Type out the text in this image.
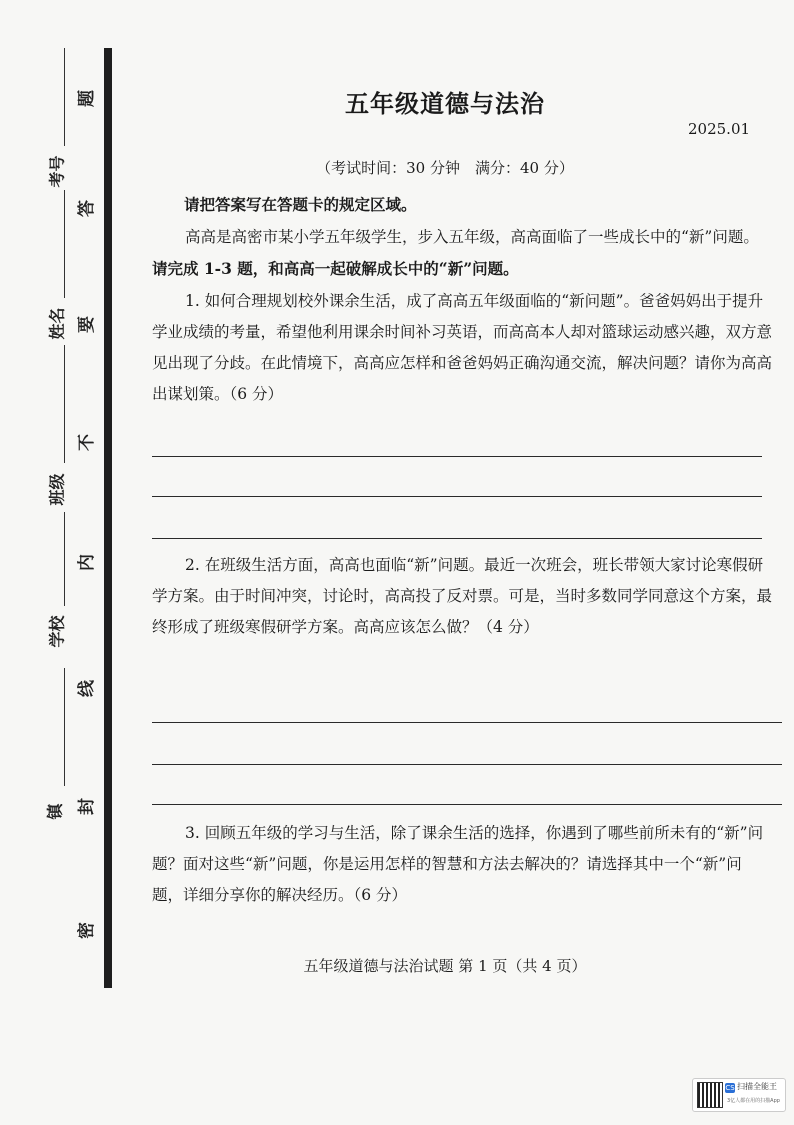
考号
姓名
班级
学校
镇
题
答
要
不
内
线
封
密
五年级道德与法治
2025.01
（考试时间：30 分钟　满分：40 分）
请把答案写在答题卡的规定区域。
高高是高密市某小学五年级学生，步入五年级，高高面临了一些成长中的“新”问题。请完成 1-3 题，和高高一起破解成长中的“新”问题。
1. 如何合理规划校外课余生活，成了高高五年级面临的“新问题”。爸爸妈妈出于提升学业成绩的考量，希望他利用课余时间补习英语，而高高本人却对篮球运动感兴趣，双方意见出现了分歧。在此情境下，高高应怎样和爸爸妈妈正确沟通交流，解决问题？请你为高高出谋划策。（6 分）
2. 在班级生活方面，高高也面临“新”问题。最近一次班会，班长带领大家讨论寒假研学方案。由于时间冲突，讨论时，高高投了反对票。可是，当时多数同学同意这个方案，最终形成了班级寒假研学方案。高高应该怎么做？（4 分）
3. 回顾五年级的学习与生活，除了课余生活的选择，你遇到了哪些前所未有的“新”问题？面对这些“新”问题，你是运用怎样的智慧和方法去解决的？请选择其中一个“新”问题，详细分享你的解决经历。（6 分）
五年级道德与法治试题 第 1 页（共 4 页）
CS 扫描全能王
3亿人都在用的扫描App
